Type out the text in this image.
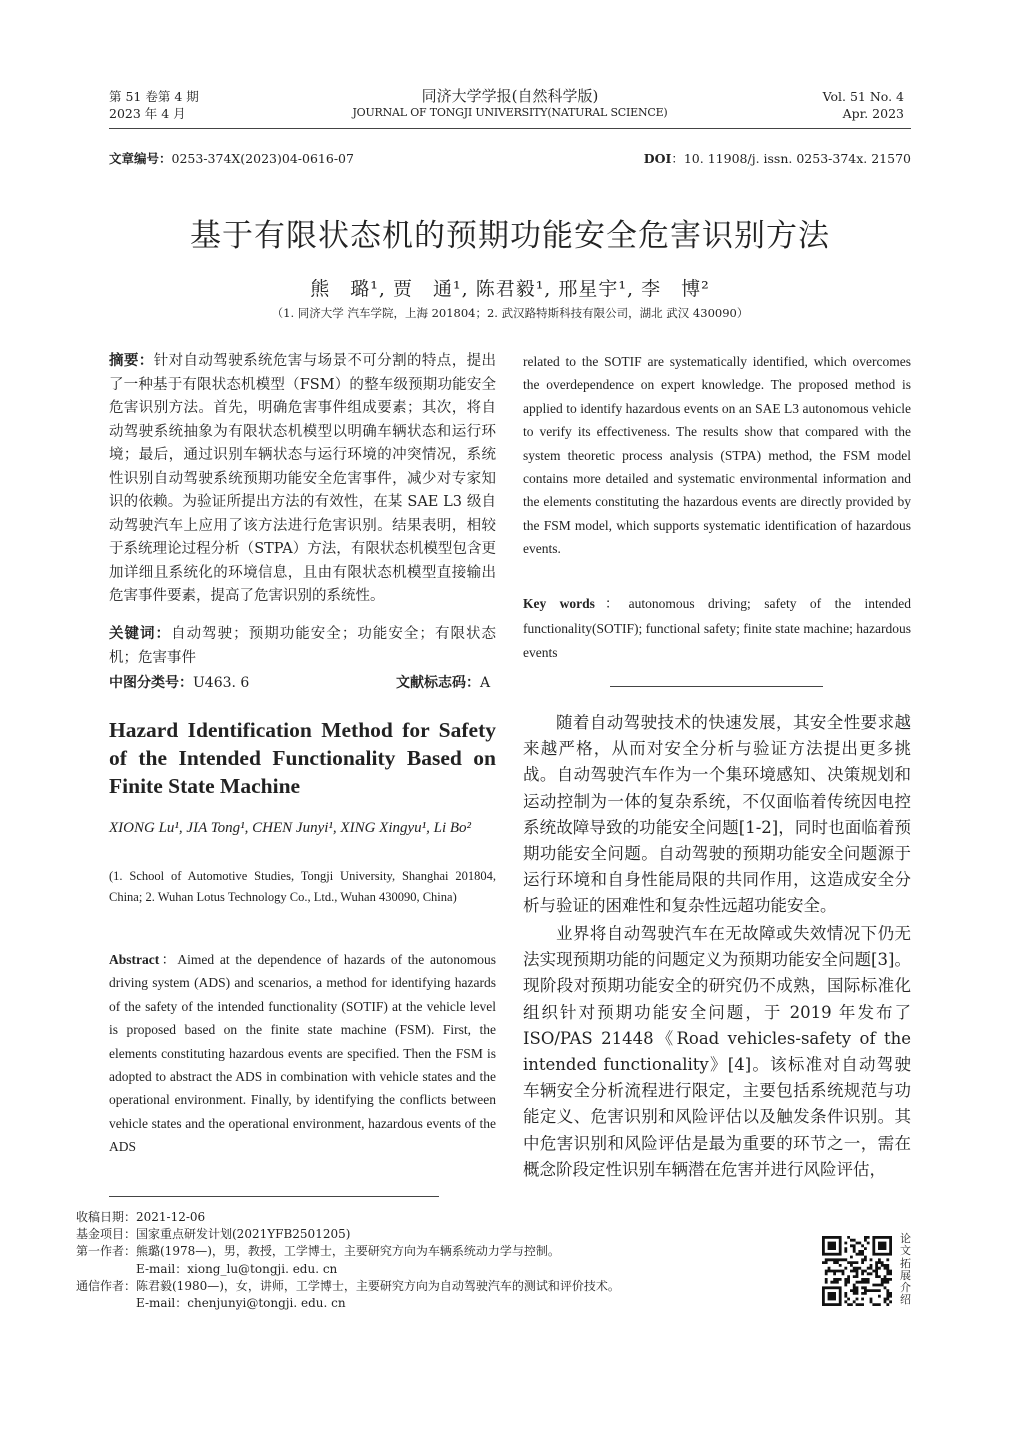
第 51 卷第 4 期
2023 年 4 月
同济大学学报(自然科学版)
JOURNAL OF TONGJI UNIVERSITY(NATURAL SCIENCE)
Vol. 51 No. 4
Apr. 2023
文章编号：0253-374X(2023)04-0616-07	DOI：10. 11908/j. issn. 0253-374x. 21570
基于有限状态机的预期功能安全危害识别方法
熊　璐¹, 贾　通¹, 陈君毅¹, 邢星宇¹, 李　博²
（1. 同济大学 汽车学院，上海 201804；2. 武汉路特斯科技有限公司，湖北 武汉 430090）
摘要：针对自动驾驶系统危害与场景不可分割的特点，提出了一种基于有限状态机模型（FSM）的整车级预期功能安全危害识别方法。首先，明确危害事件组成要素；其次，将自动驾驶系统抽象为有限状态机模型以明确车辆状态和运行环境；最后，通过识别车辆状态与运行环境的冲突情况，系统性识别自动驾驶系统预期功能安全危害事件，减少对专家知识的依赖。为验证所提出方法的有效性，在某 SAE L3 级自动驾驶汽车上应用了该方法进行危害识别。结果表明，相较于系统理论过程分析（STPA）方法，有限状态机模型包含更加详细且系统化的环境信息，且由有限状态机模型直接输出危害事件要素，提高了危害识别的系统性。
关键词：自动驾驶；预期功能安全；功能安全；有限状态机；危害事件
中图分类号：U463. 6	文献标志码：A
Hazard Identification Method for Safety of the Intended Functionality Based on Finite State Machine
XIONG Lu¹, JIA Tong¹, CHEN Junyi¹, XING Xingyu¹, Li Bo²
(1. School of Automotive Studies, Tongji University, Shanghai 201804, China; 2. Wuhan Lotus Technology Co., Ltd., Wuhan 430090, China)
Abstract：Aimed at the dependence of hazards of the autonomous driving system (ADS) and scenarios, a method for identifying hazards of the safety of the intended functionality (SOTIF) at the vehicle level is proposed based on the finite state machine (FSM). First, the elements constituting hazardous events are specified. Then the FSM is adopted to abstract the ADS in combination with vehicle states and the operational environment. Finally, by identifying the conflicts between vehicle states and the operational environment, hazardous events of the ADS
related to the SOTIF are systematically identified, which overcomes the overdependence on expert knowledge. The proposed method is applied to identify hazardous events on an SAE L3 autonomous vehicle to verify its effectiveness. The results show that compared with the system theoretic process analysis (STPA) method, the FSM model contains more detailed and systematic environmental information and the elements constituting the hazardous events are directly provided by the FSM model, which supports systematic identification of hazardous events.
Key words：autonomous driving; safety of the intended functionality(SOTIF); functional safety; finite state machine; hazardous events
随着自动驾驶技术的快速发展，其安全性要求越来越严格，从而对安全分析与验证方法提出更多挑战。自动驾驶汽车作为一个集环境感知、决策规划和运动控制为一体的复杂系统，不仅面临着传统因电控系统故障导致的功能安全问题[1-2]，同时也面临着预期功能安全问题。自动驾驶的预期功能安全问题源于运行环境和自身性能局限的共同作用，这造成安全分析与验证的困难性和复杂性远超功能安全。
业界将自动驾驶汽车在无故障或失效情况下仍无法实现预期功能的问题定义为预期功能安全问题[3]。现阶段对预期功能安全的研究仍不成熟，国际标准化组织针对预期功能安全问题，于 2019 年发布了 ISO/PAS 21448《Road vehicles-safety of the intended functionality》[4]。该标准对自动驾驶车辆安全分析流程进行限定，主要包括系统规范与功能定义、危害识别和风险评估以及触发条件识别。其中危害识别和风险评估是最为重要的环节之一，需在概念阶段定性识别车辆潜在危害并进行风险评估，
收稿日期： 2021-12-06
基金项目： 国家重点研发计划(2021YFB2501205)
第一作者： 熊璐(1978—)，男，教授，工学博士，主要研究方向为车辆系统动力学与控制。
E-mail：xiong_lu@tongji. edu. cn
通信作者： 陈君毅(1980—)，女，讲师，工学博士，主要研究方向为自动驾驶汽车的测试和评价技术。
E-mail：chenjunyi@tongji. edu. cn
论文拓展介绍
